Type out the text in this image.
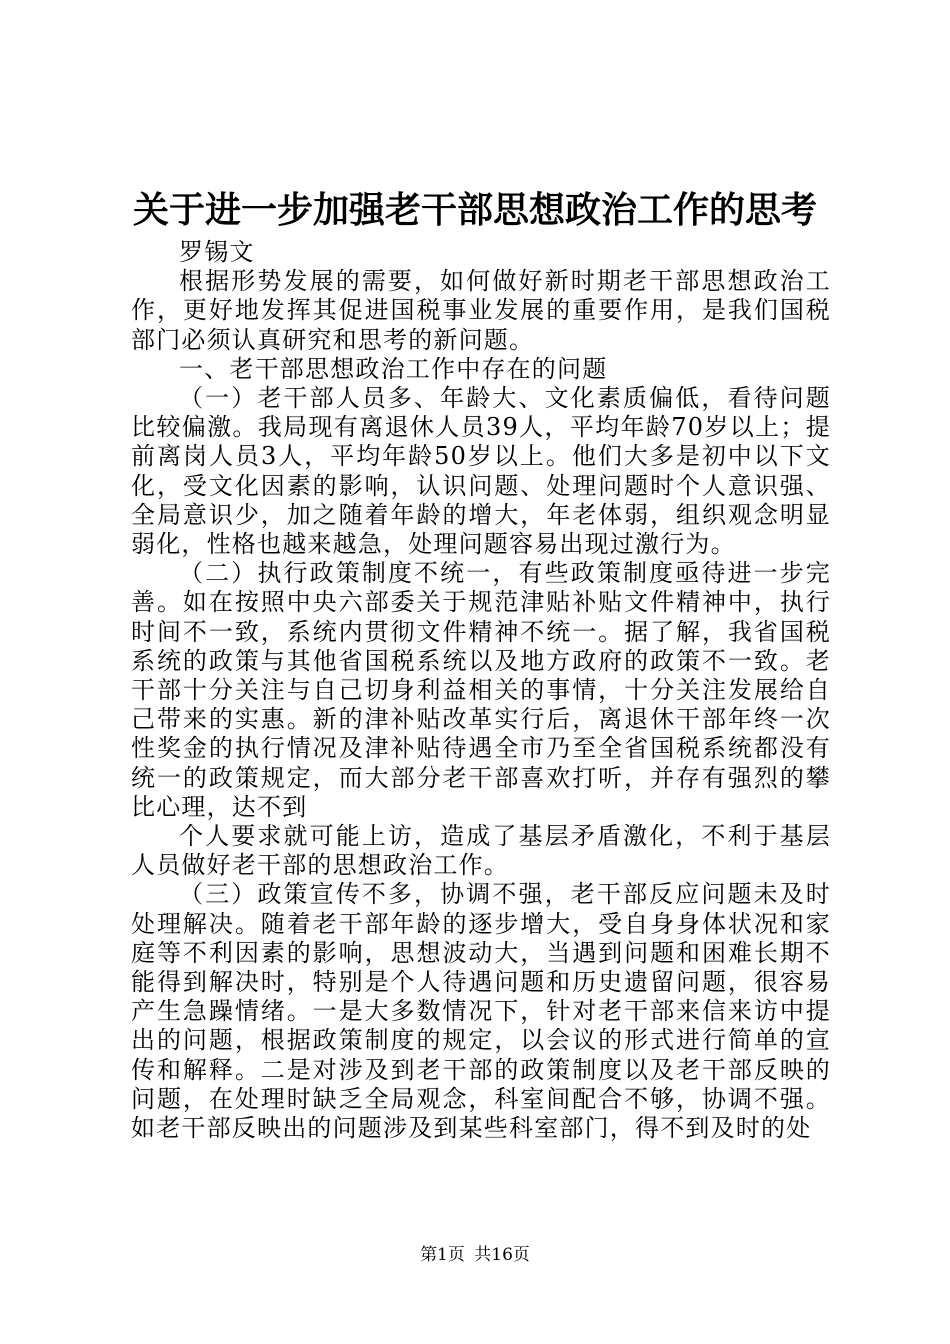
关于进一步加强老干部思想政治工作的思考

罗锡文

根据形势发展的需要，如何做好新时期老干部思想政治工作，更好地发挥其促进国税事业发展的重要作用，是我们国税部门必须认真研究和思考的新问题。

一、老干部思想政治工作中存在的问题

（一）老干部人员多、年龄大、文化素质偏低，看待问题比较偏激。我局现有离退休人员39人，平均年龄70岁以上；提前离岗人员3人，平均年龄50岁以上。他们大多是初中以下文化，受文化因素的影响，认识问题、处理问题时个人意识强、全局意识少，加之随着年龄的增大，年老体弱，组织观念明显弱化，性格也越来越急，处理问题容易出现过激行为。

（二）执行政策制度不统一，有些政策制度亟待进一步完善。如在按照中央六部委关于规范津贴补贴文件精神中，执行时间不一致，系统内贯彻文件精神不统一。据了解，我省国税系统的政策与其他省国税系统以及地方政府的政策不一致。老干部十分关注与自己切身利益相关的事情，十分关注发展给自己带来的实惠。新的津补贴改革实行后，离退休干部年终一次性奖金的执行情况及津补贴待遇全市乃至全省国税系统都没有统一的政策规定，而大部分老干部喜欢打听，并存有强烈的攀比心理，达不到

个人要求就可能上访，造成了基层矛盾激化，不利于基层人员做好老干部的思想政治工作。

（三）政策宣传不多，协调不强，老干部反应问题未及时处理解决。随着老干部年龄的逐步增大，受自身身体状况和家庭等不利因素的影响，思想波动大，当遇到问题和困难长期不能得到解决时，特别是个人待遇问题和历史遗留问题，很容易产生急躁情绪。一是大多数情况下，针对老干部来信来访中提出的问题，根据政策制度的规定，以会议的形式进行简单的宣传和解释。二是对涉及到老干部的政策制度以及老干部反映的问题，在处理时缺乏全局观念，科室间配合不够，协调不强。如老干部反映出的问题涉及到某些科室部门，得不到及时的处

第1页 共16页
